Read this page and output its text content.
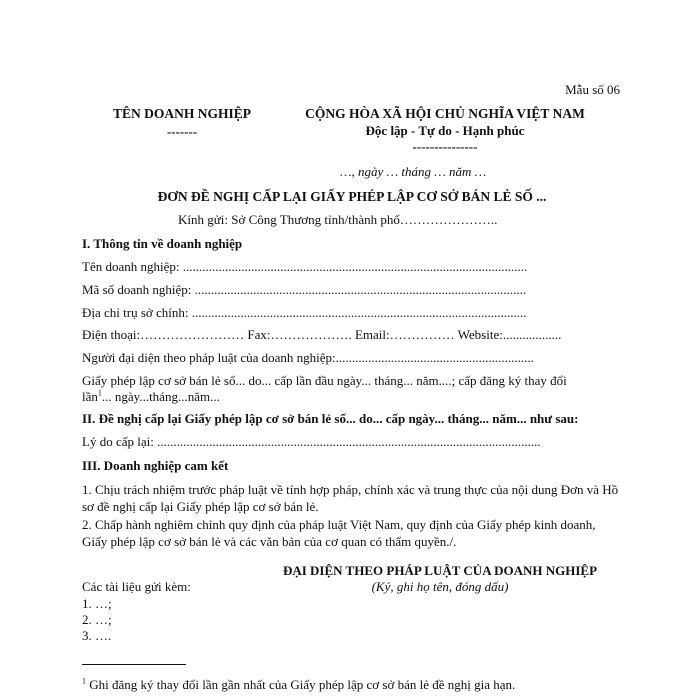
Mẫu số 06
TÊN DOANH NGHIỆP
-------
CỘNG HÒA XÃ HỘI CHỦ NGHĨA VIỆT NAM
Độc lập - Tự do - Hạnh phúc
---------------
…, ngày … tháng … năm …
ĐƠN ĐỀ NGHỊ CẤP LẠI GIẤY PHÉP LẬP CƠ SỞ BÁN LẺ SỐ ...
Kính gửi: Sở Công Thương tỉnh/thành phố…………………..
I. Thông tin về doanh nghiệp
Tên doanh nghiệp: ..........................................................................................................
Mã số doanh nghiệp: ......................................................................................................
Địa chỉ trụ sở chính: .......................................................................................................
Điện thoại:…………………… Fax:………………. Email:…………… Website:..................
Người đại diện theo pháp luật của doanh nghiệp:.............................................................
Giấy phép lập cơ sở bán lẻ số... do... cấp lần đầu ngày... tháng... năm....; cấp đăng ký thay đổi
lần$^1$... ngày...tháng...năm...
II. Đề nghị cấp lại Giấy phép lập cơ sở bán lẻ số... do... cấp ngày... tháng... năm... như sau:
Lý do cấp lại: ......................................................................................................................
III. Doanh nghiệp cam kết
1. Chịu trách nhiệm trước pháp luật về tính hợp pháp, chính xác và trung thực của nội dung Đơn và Hồ sơ đề nghị cấp lại Giấy phép lập cơ sở bán lẻ.
2. Chấp hành nghiêm chỉnh quy định của pháp luật Việt Nam, quy định của Giấy phép kinh doanh, Giấy phép lập cơ sở bán lẻ và các văn bản của cơ quan có thẩm quyền./.
ĐẠI DIỆN THEO PHÁP LUẬT CỦA DOANH NGHIỆP
(Ký, ghi họ tên, đóng dấu)
Các tài liệu gửi kèm:
1. …;
2. …;
3. ….
$^1$ Ghi đăng ký thay đổi lần gần nhất của Giấy phép lập cơ sở bán lẻ đề nghị gia hạn.
